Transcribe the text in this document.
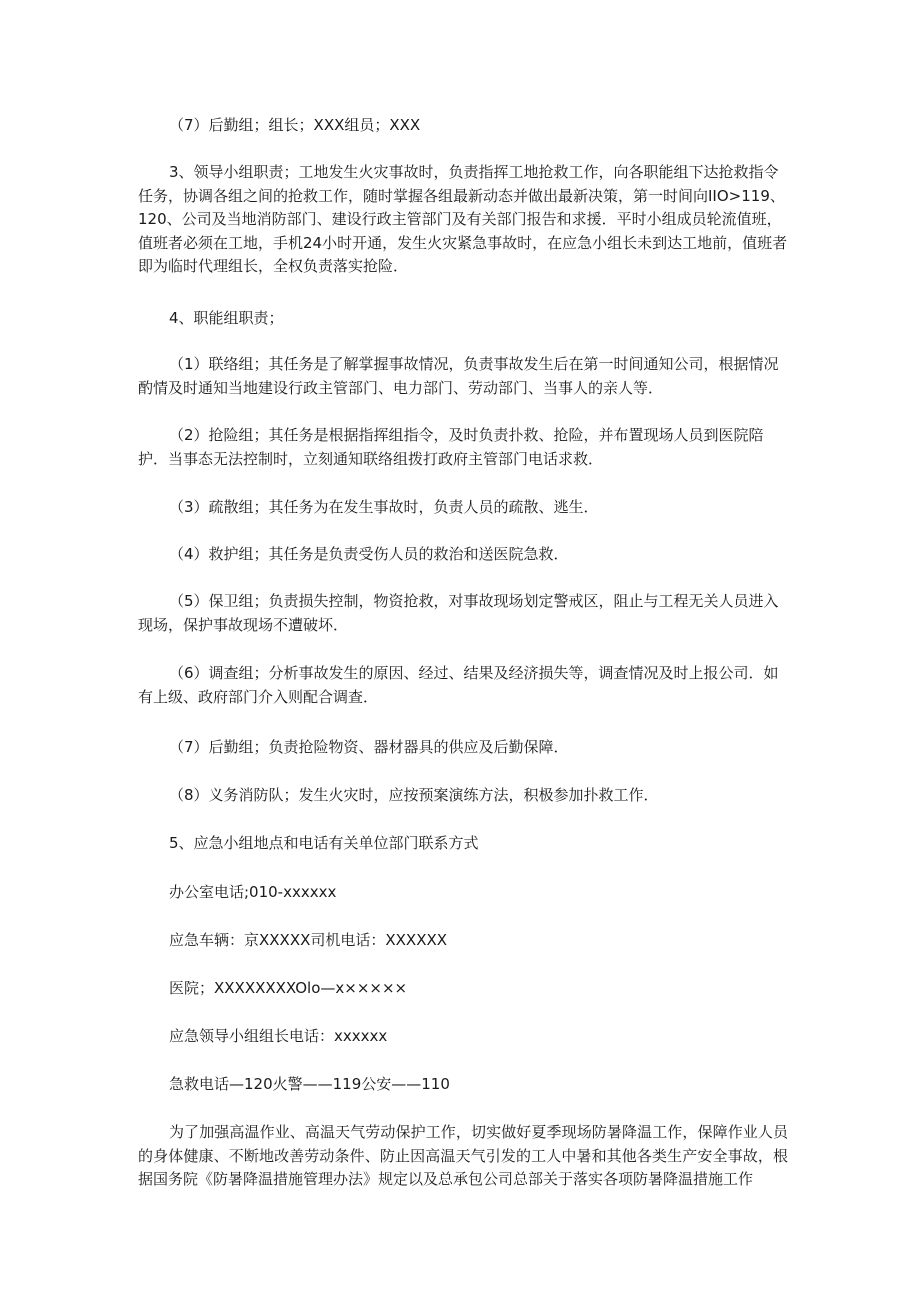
（7）后勤组；组长；XXX组员；XXX

3、领导小组职责；工地发生火灾事故时，负责指挥工地抢救工作，向各职能组下达抢救指令任务，协调各组之间的抢救工作，随时掌握各组最新动态并做出最新决策，第一时间向IIO>119、120、公司及当地消防部门、建设行政主管部门及有关部门报告和求援．平时小组成员轮流值班，值班者必须在工地，手机24小时开通，发生火灾紧急事故时，在应急小组长未到达工地前，值班者即为临时代理组长，全权负责落实抢险．

4、职能组职责；

（1）联络组；其任务是了解掌握事故情况，负责事故发生后在第一时间通知公司，根据情况酌情及时通知当地建设行政主管部门、电力部门、劳动部门、当事人的亲人等．

（2）抢险组；其任务是根据指挥组指令，及时负责扑救、抢险，并布置现场人员到医院陪护．当事态无法控制时，立刻通知联络组拨打政府主管部门电话求救．

（3）疏散组；其任务为在发生事故时，负责人员的疏散、逃生．

（4）救护组；其任务是负责受伤人员的救治和送医院急救．

（5）保卫组；负责损失控制，物资抢救，对事故现场划定警戒区，阻止与工程无关人员进入现场，保护事故现场不遭破坏．

（6）调查组；分析事故发生的原因、经过、结果及经济损失等，调查情况及时上报公司．如有上级、政府部门介入则配合调查．

（7）后勤组；负责抢险物资、器材器具的供应及后勤保障．

（8）义务消防队；发生火灾时，应按预案演练方法，积极参加扑救工作．

5、应急小组地点和电话有关单位部门联系方式

办公室电话;010-xxxxxx

应急车辆：京XXXXX司机电话：XXXXXX

医院；XXXXXXXXOlo—x×××××

应急领导小组组长电话：xxxxxx

急救电话—120火警——119公安——110

为了加强高温作业、高温天气劳动保护工作，切实做好夏季现场防暑降温工作，保障作业人员的身体健康、不断地改善劳动条件、防止因高温天气引发的工人中暑和其他各类生产安全事故，根据国务院《防暑降温措施管理办法》规定以及总承包公司总部关于落实各项防暑降温措施工作
